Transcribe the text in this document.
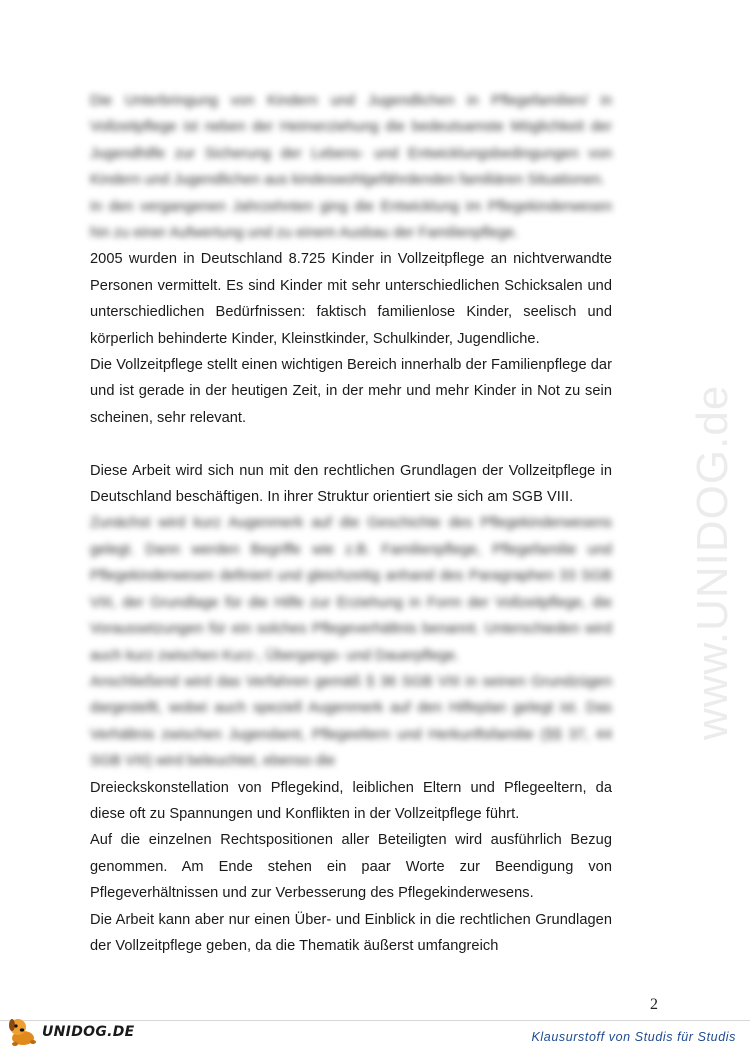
www.UNIDOG.de

Die Unterbringung von Kindern und Jugendlichen in Pflegefamilien/ in Vollzeitpflege ist neben der Heimerziehung die bedeutsamste Möglichkeit der Jugendhilfe zur Sicherung der Lebens- und Entwicklungsbedingungen von Kindern und Jugendlichen aus kindeswohlgefährdenden familiären Situationen.

In den vergangenen Jahrzehnten ging die Entwicklung im Pflegekinderwesen hin zu einer Aufwertung und zu einem Ausbau der Familienpflege.

2005 wurden in Deutschland 8.725 Kinder in Vollzeitpflege an nichtverwandte Personen vermittelt. Es sind Kinder mit sehr unterschiedlichen Schicksalen und unterschiedlichen Bedürfnissen: faktisch familienlose Kinder, seelisch und körperlich behinderte Kinder, Kleinstkinder, Schulkinder, Jugendliche.

Die Vollzeitpflege stellt einen wichtigen Bereich innerhalb der Familienpflege dar und ist gerade in der heutigen Zeit, in der mehr und mehr Kinder in Not zu sein scheinen, sehr relevant.

Diese Arbeit wird sich nun mit den rechtlichen Grundlagen der Vollzeitpflege in Deutschland beschäftigen. In ihrer Struktur orientiert sie sich am SGB VIII.

Zunächst wird kurz Augenmerk auf die Geschichte des Pflegekinderwesens gelegt. Dann werden Begriffe wie z.B. Familienpflege, Pflegefamilie und Pflegekinderwesen definiert und gleichzeitig anhand des Paragraphen 33 SGB VIII, der Grundlage für die Hilfe zur Erziehung in Form der Vollzeitpflege, die Voraussetzungen für ein solches Pflegeverhältnis benannt. Unterschieden wird auch kurz zwischen Kurz-, Übergangs- und Dauerpflege.

Anschließend wird das Verfahren gemäß § 36 SGB VIII in seinen Grundzügen dargestellt, wobei auch speziell Augenmerk auf den Hilfeplan gelegt ist. Das Verhältnis zwischen Jugendamt, Pflegeeltern und Herkunftsfamilie (§§ 37, 44 SGB VIII) wird beleuchtet, ebenso die

Dreieckskonstellation von Pflegekind, leiblichen Eltern und Pflegeeltern, da diese oft zu Spannungen und Konflikten in der Vollzeitpflege führt.

Auf die einzelnen Rechtspositionen aller Beteiligten wird ausführlich Bezug genommen. Am Ende stehen ein paar Worte zur Beendigung von Pflegeverhältnissen und zur Verbesserung des Pflegekinderwesens.

Die Arbeit kann aber nur einen Über- und Einblick in die rechtlichen Grundlagen der Vollzeitpflege geben, da die Thematik äußerst umfangreich

2
UNIDOG.DE	Klausurstoff von Studis für Studis
